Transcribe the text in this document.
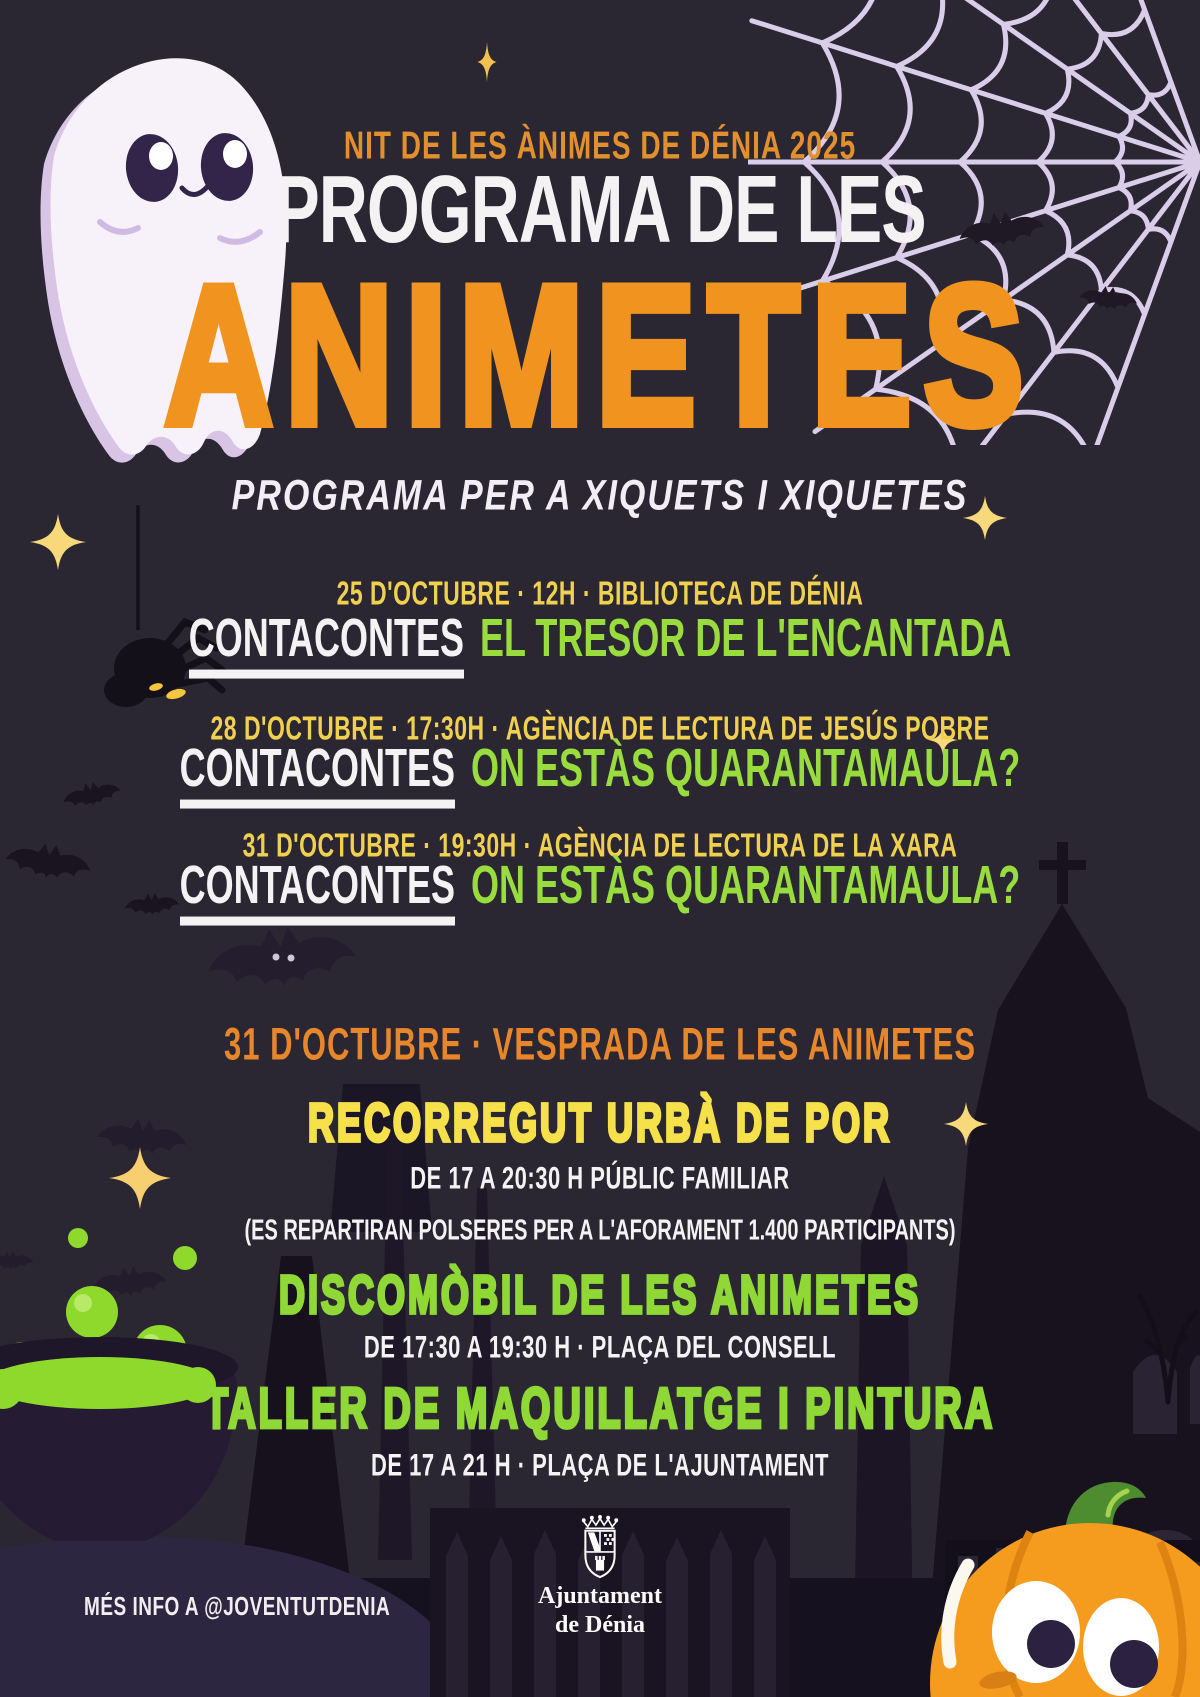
NIT DE LES ÀNIMES DE DÉNIA 2025
PROGRAMA DE LES
ANIMETES
PROGRAMA PER A XIQUETS I XIQUETES
25 D'OCTUBRE · 12H · BIBLIOTECA DE DÉNIA
CONTACONTES EL TRESOR DE L'ENCANTADA
28 D'OCTUBRE · 17:30H · AGÈNCIA DE LECTURA DE JESÚS POBRE
CONTACONTES ON ESTÀS QUARANTAMAULA?
31 D'OCTUBRE · 19:30H · AGÈNCIA DE LECTURA DE LA XARA
CONTACONTES ON ESTÀS QUARANTAMAULA?
31 D'OCTUBRE · VESPRADA DE LES ANIMETES
RECORREGUT URBÀ DE POR
DE 17 A 20:30 H PÚBLIC FAMILIAR
(ES REPARTIRAN POLSERES PER A L'AFORAMENT 1.400 PARTICIPANTS)
DISCOMÒBIL DE LES ANIMETES
DE 17:30 A 19:30 H · PLAÇA DEL CONSELL
TALLER DE MAQUILLATGE I PINTURA
DE 17 A 21 H · PLAÇA DE L'AJUNTAMENT
MÉS INFO A @JOVENTUTDENIA	Ajuntament
de Dénia
